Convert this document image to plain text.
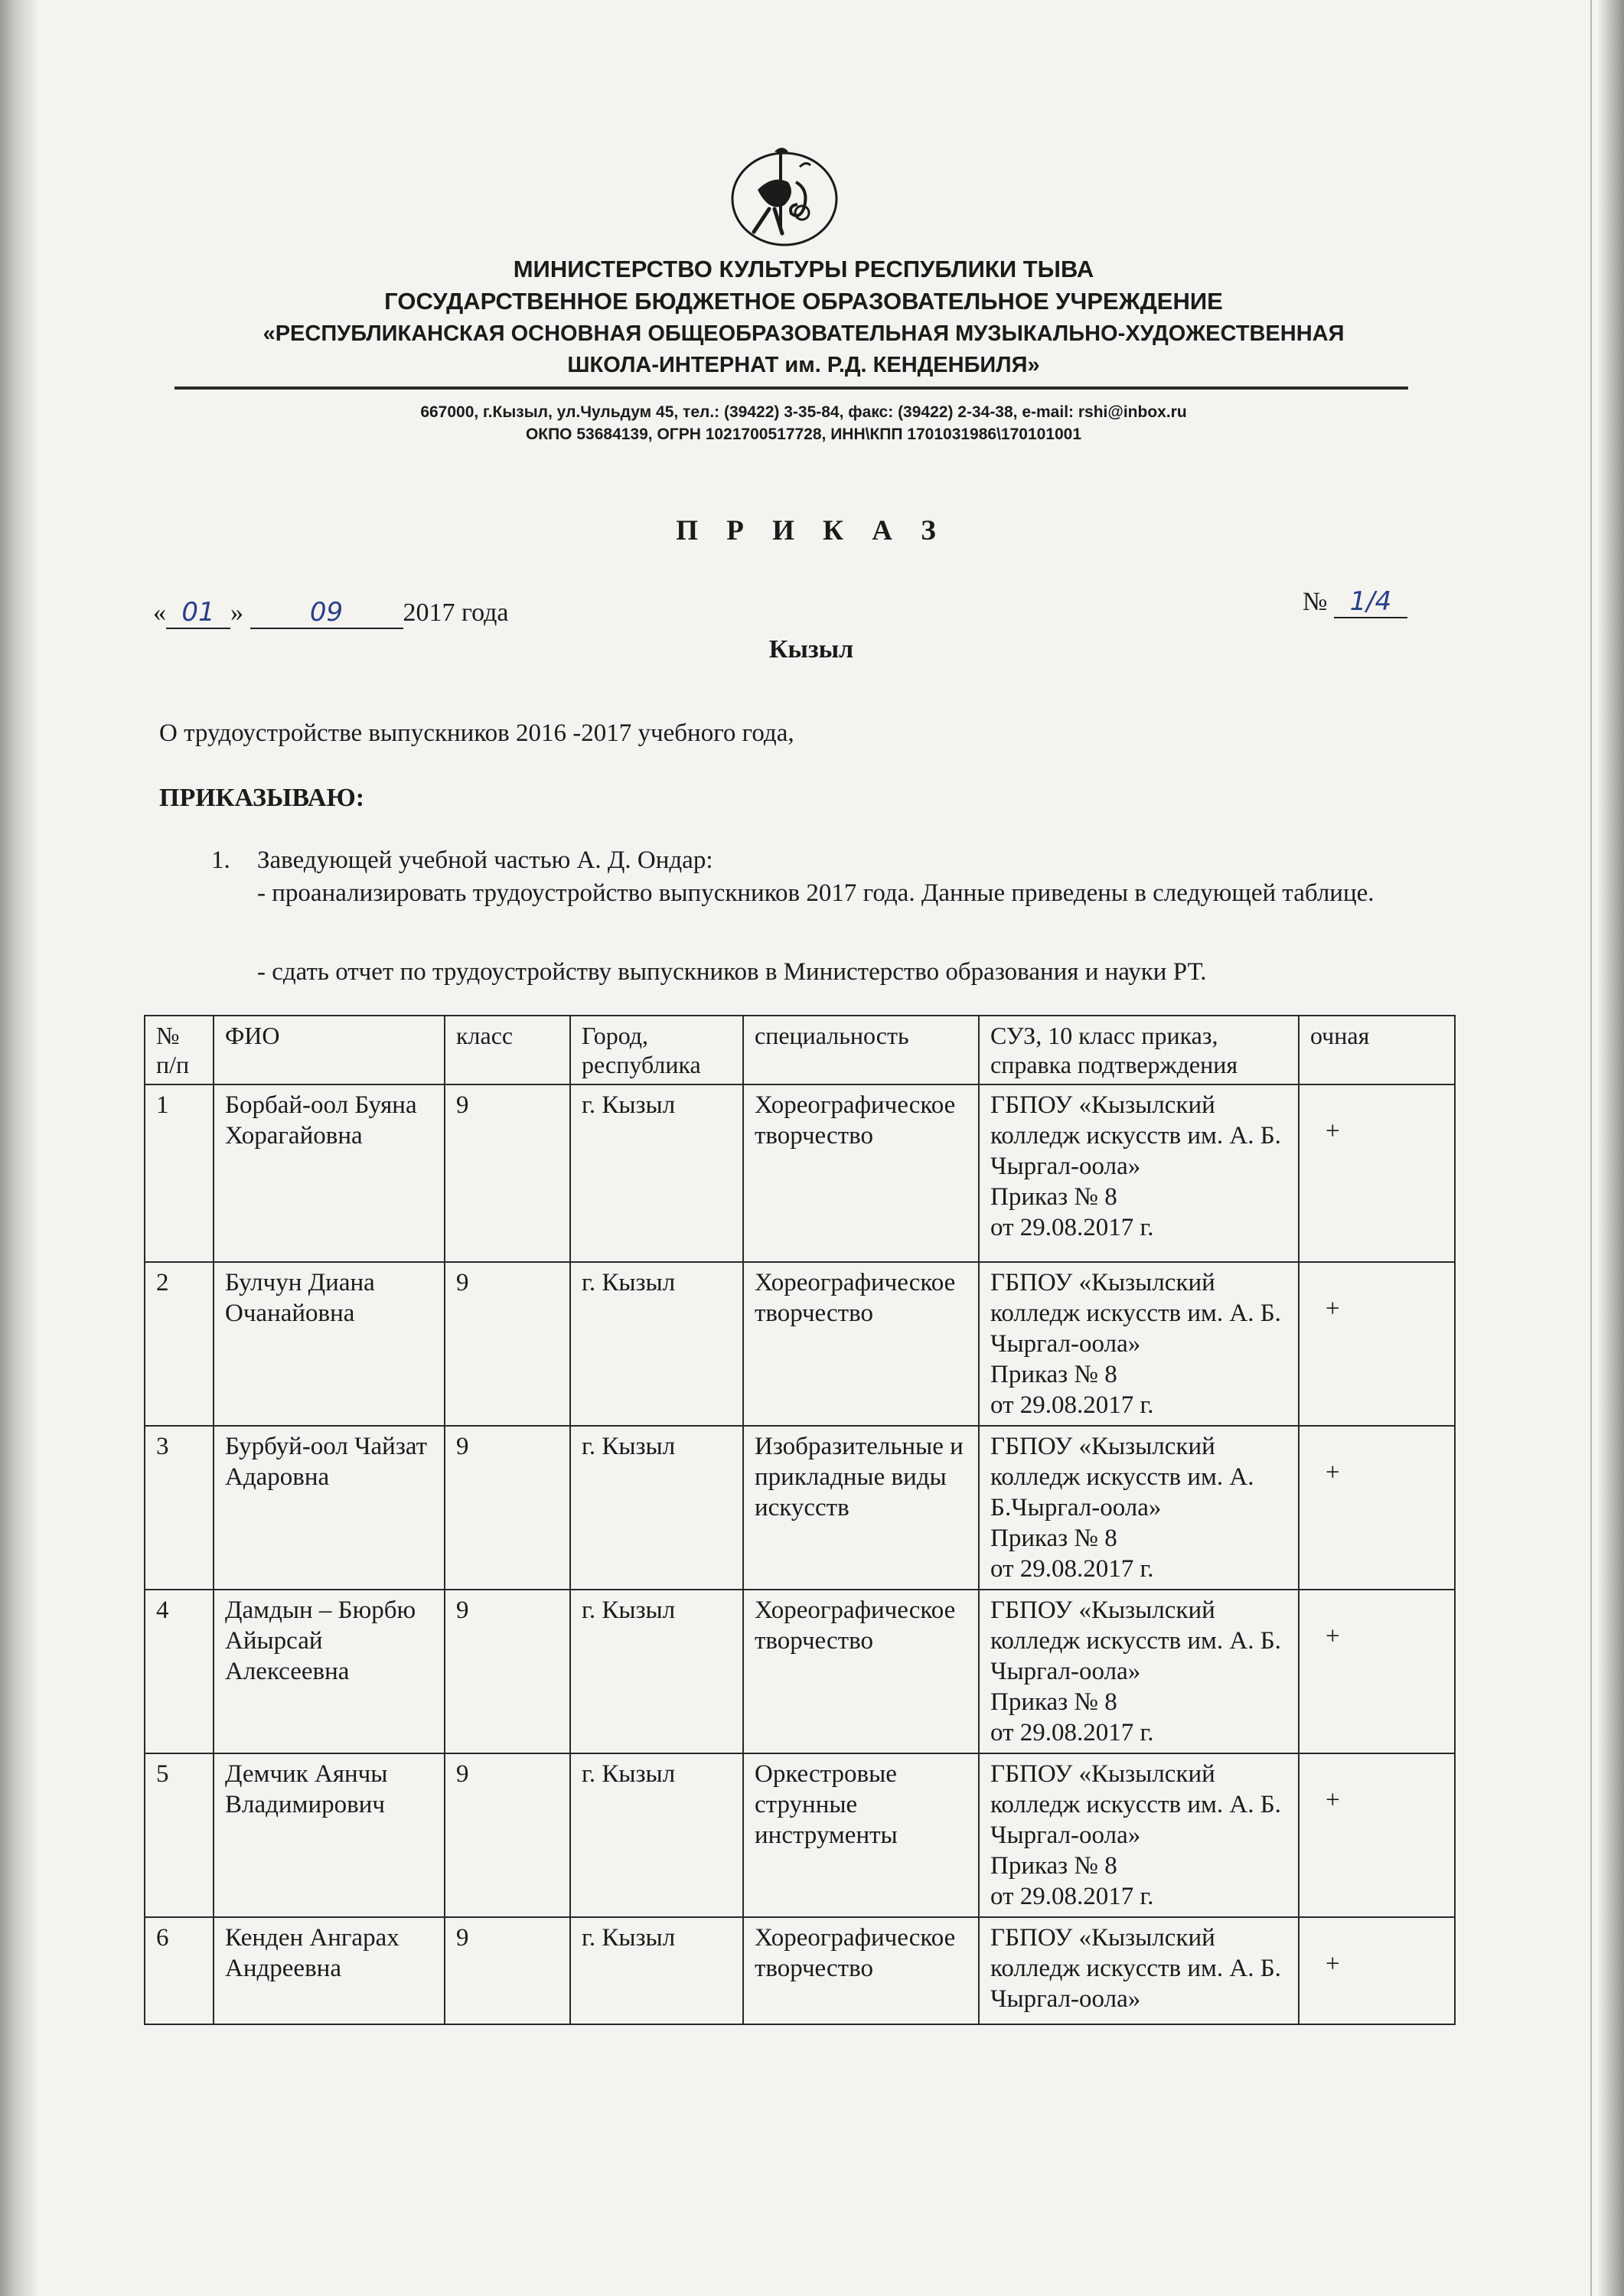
МИНИСТЕРСТВО КУЛЬТУРЫ РЕСПУБЛИКИ ТЫВА
ГОСУДАРСТВЕННОЕ БЮДЖЕТНОЕ ОБРАЗОВАТЕЛЬНОЕ УЧРЕЖДЕНИЕ
«РЕСПУБЛИКАНСКАЯ ОСНОВНАЯ ОБЩЕОБРАЗОВАТЕЛЬНАЯ МУЗЫКАЛЬНО-ХУДОЖЕСТВЕННАЯ
ШКОЛА-ИНТЕРНАТ им. Р.Д. КЕНДЕНБИЛЯ»
667000, г.Кызыл, ул.Чульдум 45, тел.: (39422) 3-35-84, факс: (39422) 2-34-38, e-mail: rshi@inbox.ru
ОКПО 53684139, ОГРН 1021700517728, ИНН\КПП 1701031986\170101001
П Р И К А З
« 01 »	09 2017 года	№ 1/4
Кызыл
О трудоустройстве выпускников 2016 -2017 учебного года,
ПРИКАЗЫВАЮ:
1. Заведующей учебной частью А. Д. Ондар:
- проанализировать трудоустройство выпускников 2017 года. Данные приведены в следующей таблице.
- сдать отчет по трудоустройству выпускников в Министерство образования и науки РТ.
№ п/п	ФИО	класс	Город, республика	специальность	СУЗ, 10 класс приказ, справка подтверждения	очная
1	Борбай-оол Буяна Хорагайовна	9	г. Кызыл	Хореографическое творчество	ГБПОУ «Кызылский колледж искусств им. А. Б. Чыргал-оола»
Приказ № 8
от 29.08.2017 г.	+
2	Булчун Диана Очанайовна	9	г. Кызыл	Хореографическое творчество	ГБПОУ «Кызылский колледж искусств им. А. Б. Чыргал-оола»
Приказ № 8
от 29.08.2017 г.	+
3	Бурбуй-оол Чайзат Адаровна	9	г. Кызыл	Изобразительные и прикладные виды искусств	ГБПОУ «Кызылский колледж искусств им. А. Б.Чыргал-оола»
Приказ № 8
от 29.08.2017 г.	+
4	Дамдын – Бюрбю Айырсай Алексеевна	9	г. Кызыл	Хореографическое творчество	ГБПОУ «Кызылский колледж искусств им. А. Б. Чыргал-оола»
Приказ № 8
от 29.08.2017 г.	+
5	Демчик Аянчы Владимирович	9	г. Кызыл	Оркестровые струнные инструменты	ГБПОУ «Кызылский колледж искусств им. А. Б. Чыргал-оола»
Приказ № 8
от 29.08.2017 г.	+
6	Кенден Ангарах Андреевна	9	г. Кызыл	Хореографическое творчество	ГБПОУ «Кызылский колледж искусств им. А. Б. Чыргал-оола»	+
